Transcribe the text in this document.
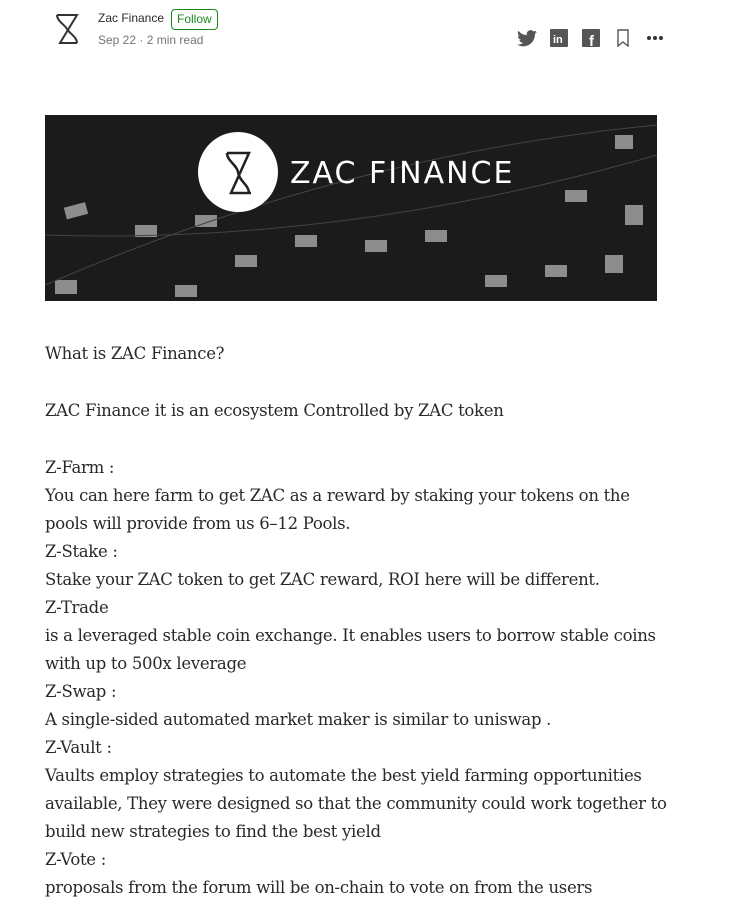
Zac Finance	Follow
Sep 22 · 2 min read	in f
ZAC FINANCE

What is ZAC Finance?

ZAC Finance it is an ecosystem Controlled by ZAC token

Z-Farm :

You can here farm to get ZAC as a reward by staking your tokens on the

pools will provide from us 6–12 Pools.

Z-Stake :

Stake your ZAC token to get ZAC reward, ROI here will be different.

Z-Trade

is a leveraged stable coin exchange. It enables users to borrow stable coins

with up to 500x leverage

Z-Swap :

A single-sided automated market maker is similar to uniswap .

Z-Vault :

Vaults employ strategies to automate the best yield farming opportunities

available, They were designed so that the community could work together to

build new strategies to find the best yield

Z-Vote :

proposals from the forum will be on-chain to vote on from the users
